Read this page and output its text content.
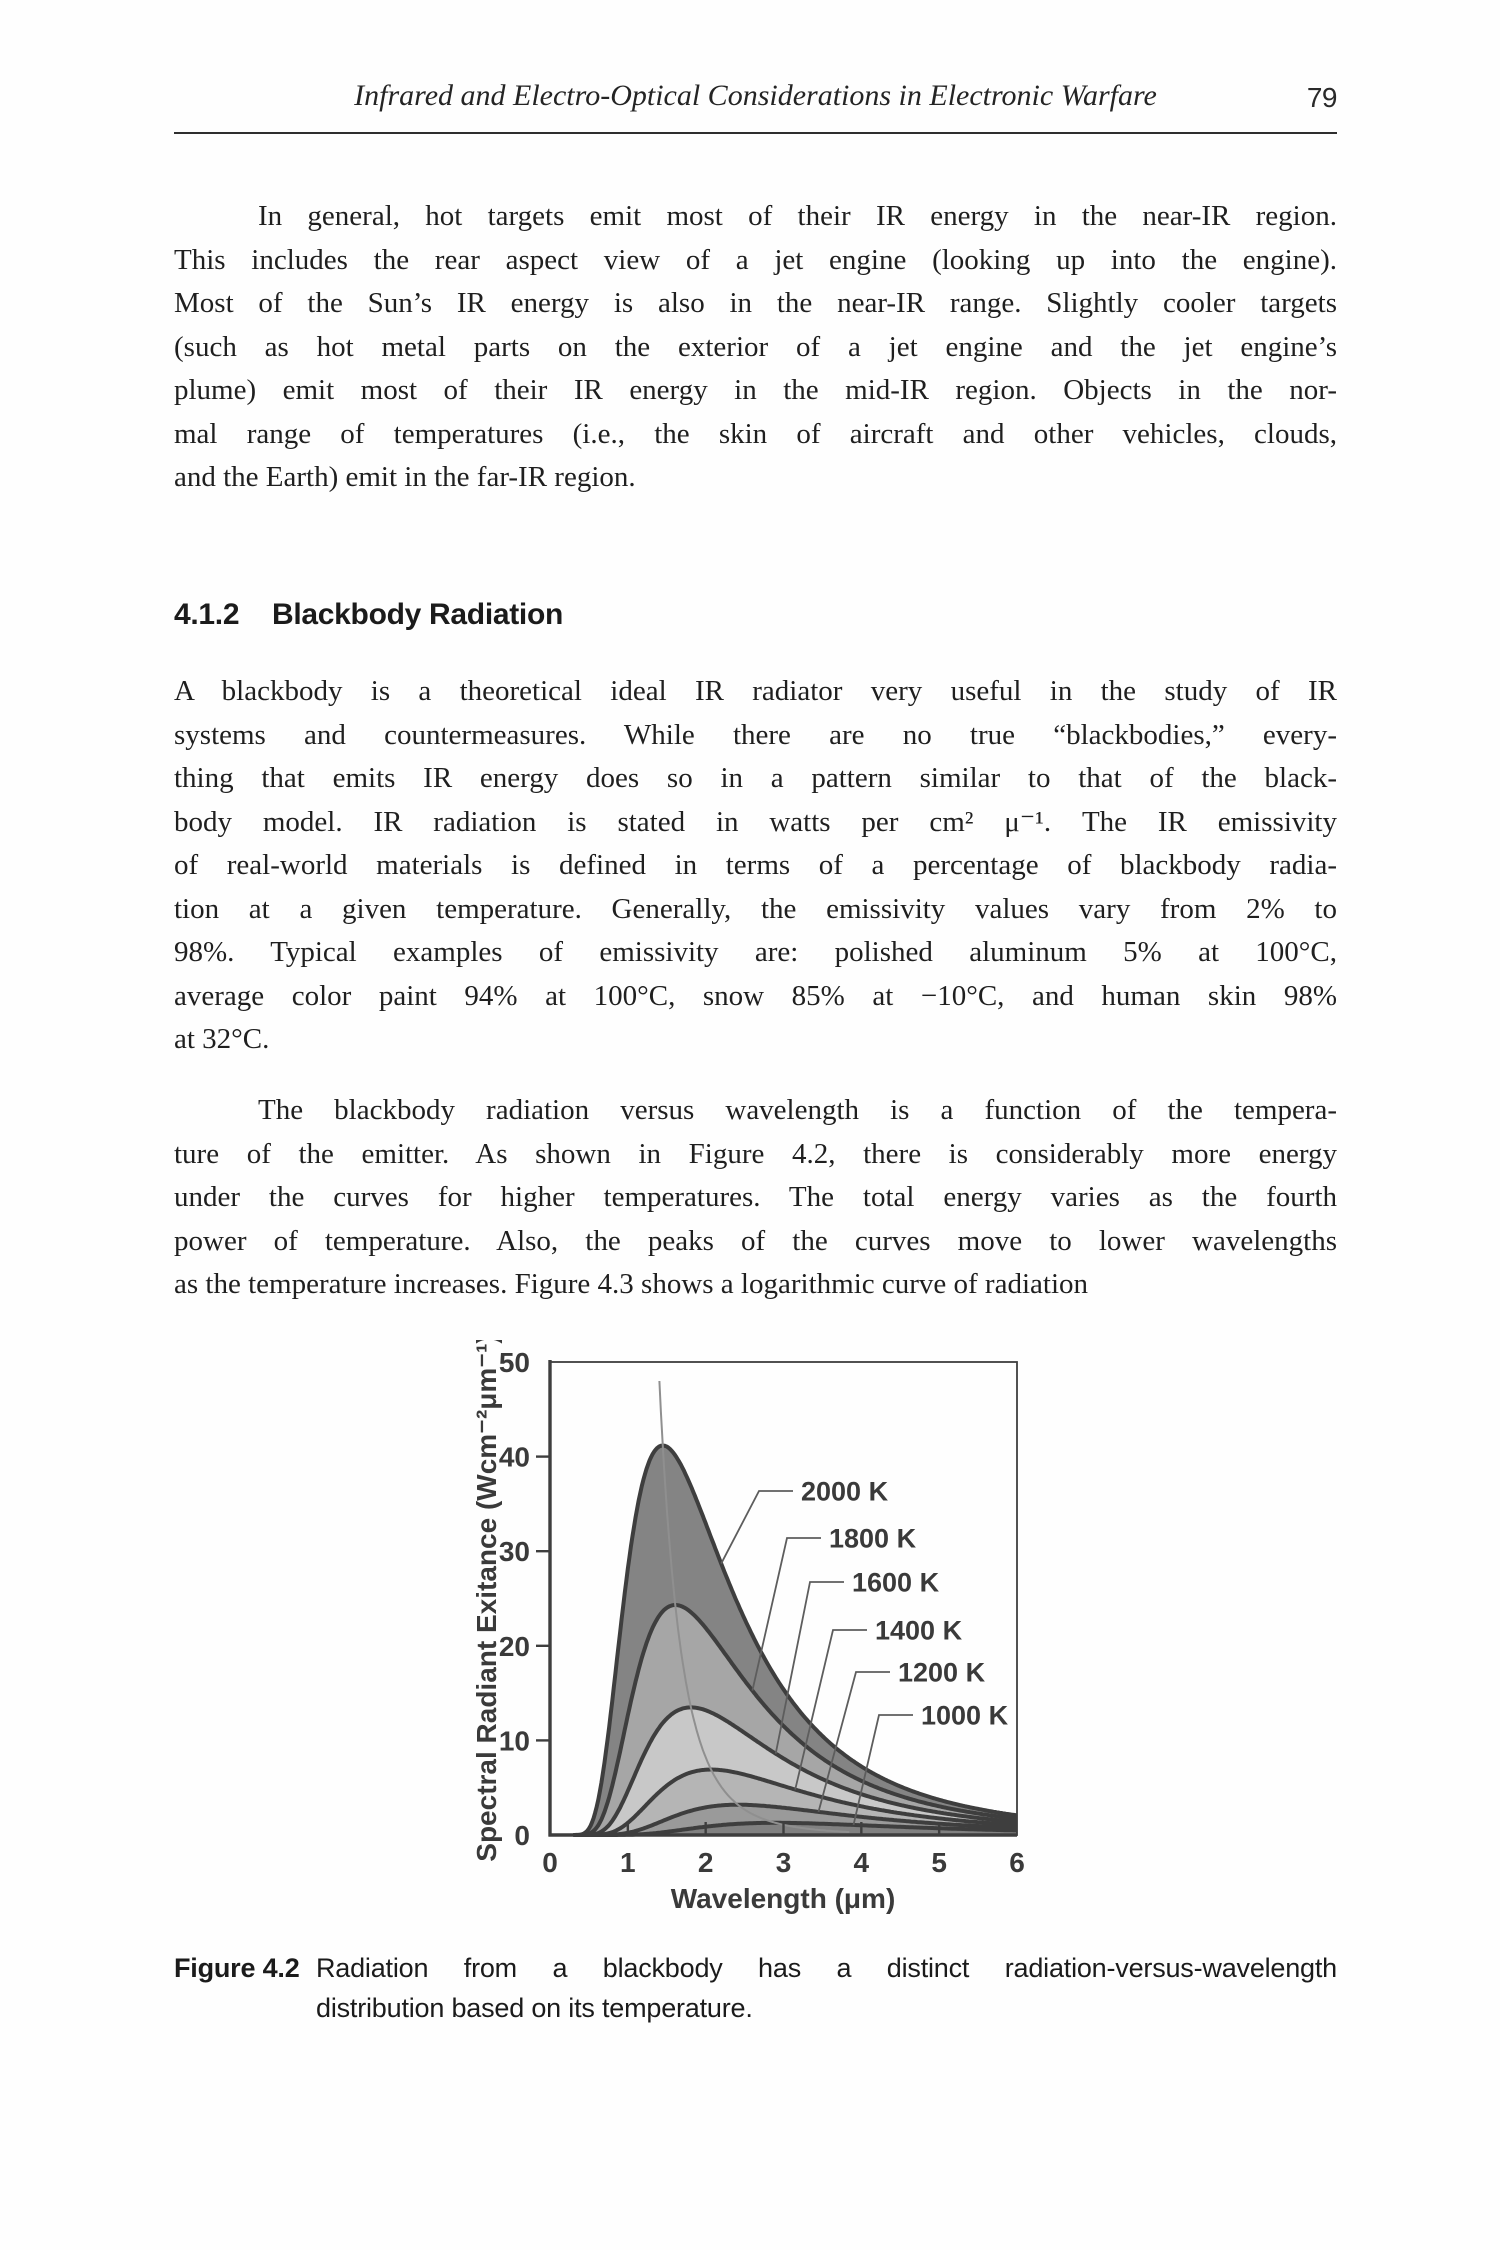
Infrared and Electro-Optical Considerations in Electronic Warfare	79
In general, hot targets emit most of their IR energy in the near-IR region.
This includes the rear aspect view of a jet engine (looking up into the engine).
Most of the Sun’s IR energy is also in the near-IR range. Slightly cooler targets
(such as hot metal parts on the exterior of a jet engine and the jet engine’s
plume) emit most of their IR energy in the mid-IR region. Objects in the nor-
mal range of temperatures (i.e., the skin of aircraft and other vehicles, clouds,
and the Earth) emit in the far-IR region.
4.1.2 Blackbody Radiation
A blackbody is a theoretical ideal IR radiator very useful in the study of IR
systems and countermeasures. While there are no true “blackbodies,” every-
thing that emits IR energy does so in a pattern similar to that of the black-
body model. IR radiation is stated in watts per cm² μ⁻¹. The IR emissivity
of real-world materials is defined in terms of a percentage of blackbody radia-
tion at a given temperature. Generally, the emissivity values vary from 2% to
98%. Typical examples of emissivity are: polished aluminum 5% at 100°C,
average color paint 94% at 100°C, snow 85% at −10°C, and human skin 98%
at 32°C.
The blackbody radiation versus wavelength is a function of the tempera-
ture of the emitter. As shown in Figure 4.2, there is considerably more energy
under the curves for higher temperatures. The total energy varies as the fourth
power of temperature. Also, the peaks of the curves move to lower wavelengths
as the temperature increases. Figure 4.3 shows a logarithmic curve of radiation
0
10
20
30
40
50
0 1 2 3 4 5 6
Spectral Radiant Exitance (Wcm⁻²μm⁻¹)
Wavelength (μm)
2000 K
1800 K
1600 K
1400 K
1200 K
1000 K
Figure 4.2 Radiation from a blackbody has a distinct radiation-versus-wavelength
distribution based on its temperature.
